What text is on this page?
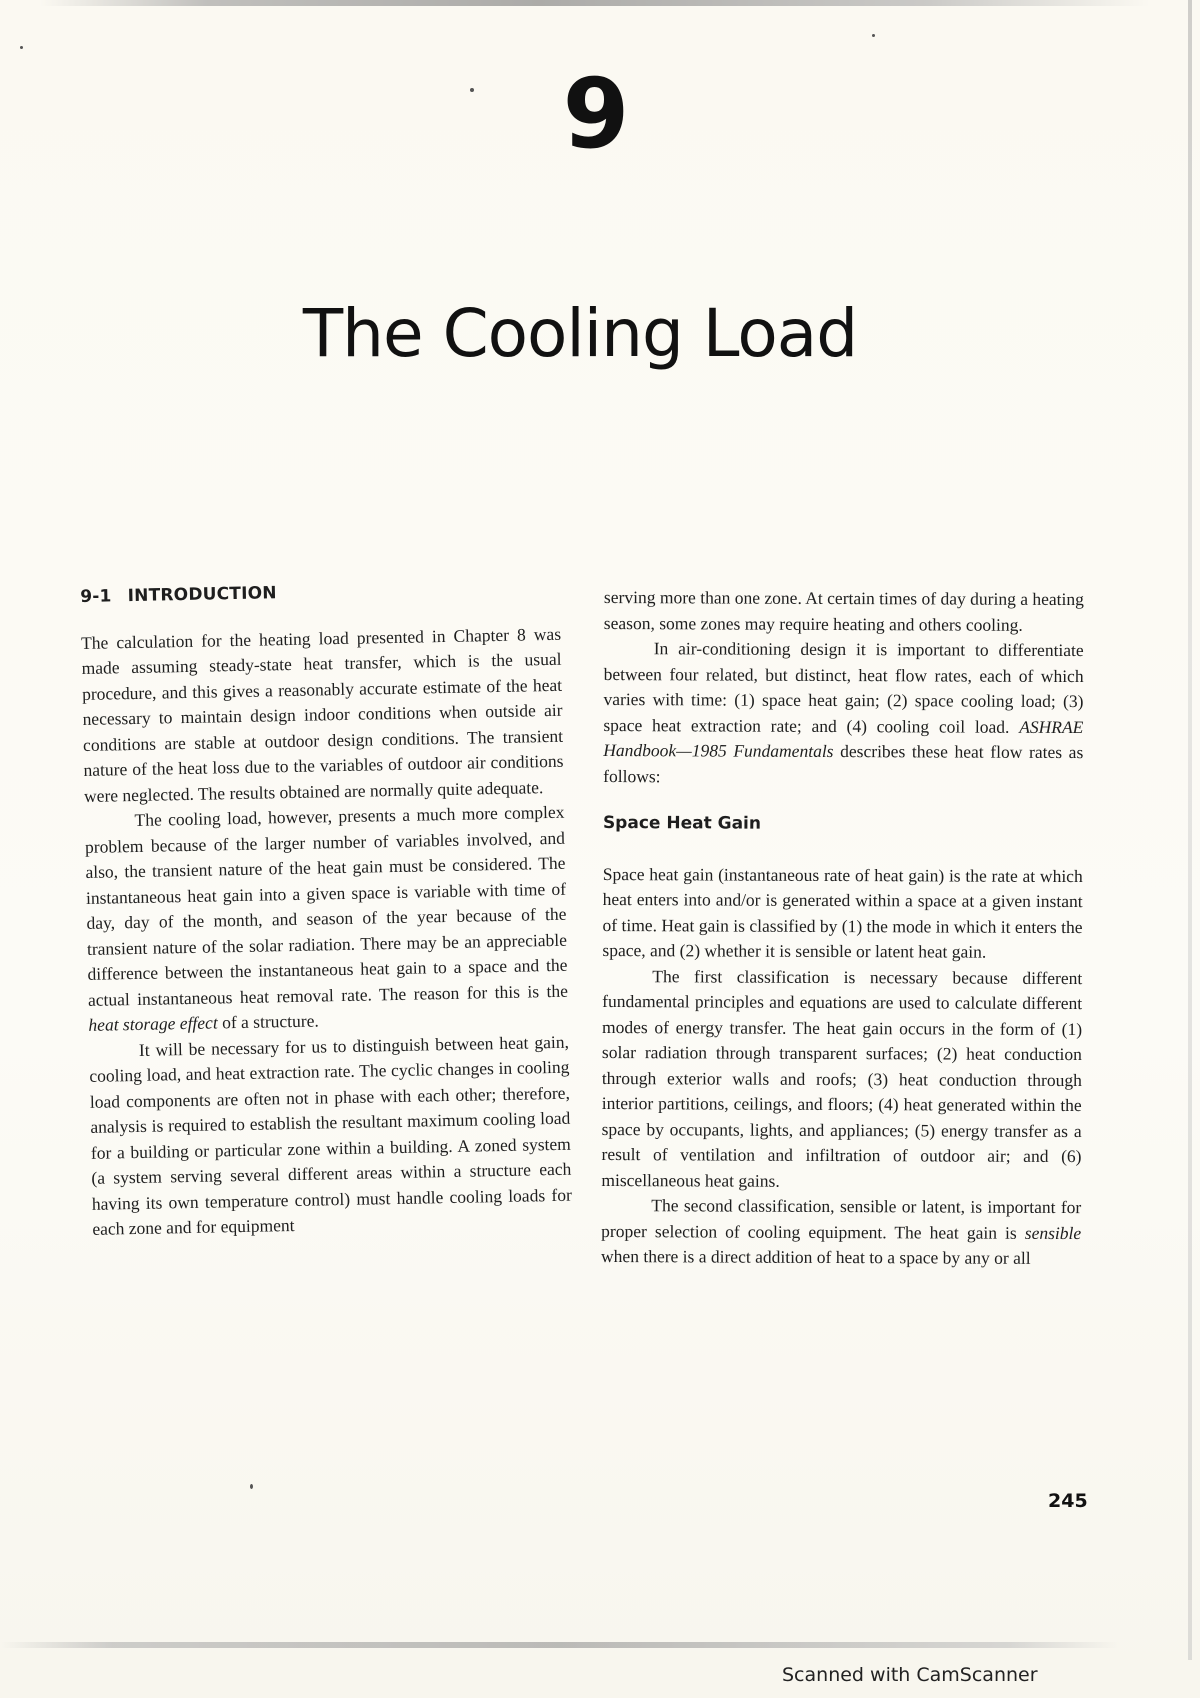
9
The Cooling Load
9-1 INTRODUCTION

The calculation for the heating load presented in Chapter 8 was made assuming steady-state heat transfer, which is the usual procedure, and this gives a reasonably accurate estimate of the heat necessary to maintain design indoor conditions when outside air conditions are stable at outdoor design conditions. The transient nature of the heat loss due to the variables of outdoor air conditions were neglected. The results obtained are normally quite adequate.

The cooling load, however, presents a much more complex problem because of the larger number of variables involved, and also, the transient nature of the heat gain must be considered. The instantaneous heat gain into a given space is variable with time of day, day of the month, and season of the year because of the transient nature of the solar radiation. There may be an appreciable difference between the instantaneous heat gain to a space and the actual instantaneous heat removal rate. The reason for this is the heat storage effect of a structure.

It will be necessary for us to distinguish between heat gain, cooling load, and heat extraction rate. The cyclic changes in cooling load components are often not in phase with each other; therefore, analysis is required to establish the resultant maximum cooling load for a building or particular zone within a building. A zoned system (a system serving several different areas within a structure each having its own temperature control) must handle cooling loads for each zone and for equipment

serving more than one zone. At certain times of day during a heating season, some zones may require heating and others cooling.

In air-conditioning design it is important to differentiate between four related, but distinct, heat flow rates, each of which varies with time: (1) space heat gain; (2) space cooling load; (3) space heat extraction rate; and (4) cooling coil load. ASHRAE Handbook—1985 Fundamentals describes these heat flow rates as follows:

Space Heat Gain

Space heat gain (instantaneous rate of heat gain) is the rate at which heat enters into and/or is generated within a space at a given instant of time. Heat gain is classified by (1) the mode in which it enters the space, and (2) whether it is sensible or latent heat gain.

The first classification is necessary because different fundamental principles and equations are used to calculate different modes of energy transfer. The heat gain occurs in the form of (1) solar radiation through transparent surfaces; (2) heat conduction through exterior walls and roofs; (3) heat conduction through interior partitions, ceilings, and floors; (4) heat generated within the space by occupants, lights, and appliances; (5) energy transfer as a result of ventilation and infiltration of outdoor air; and (6) miscellaneous heat gains.

The second classification, sensible or latent, is important for proper selection of cooling equipment. The heat gain is sensible when there is a direct addition of heat to a space by any or all

245
Scanned with CamScanner
